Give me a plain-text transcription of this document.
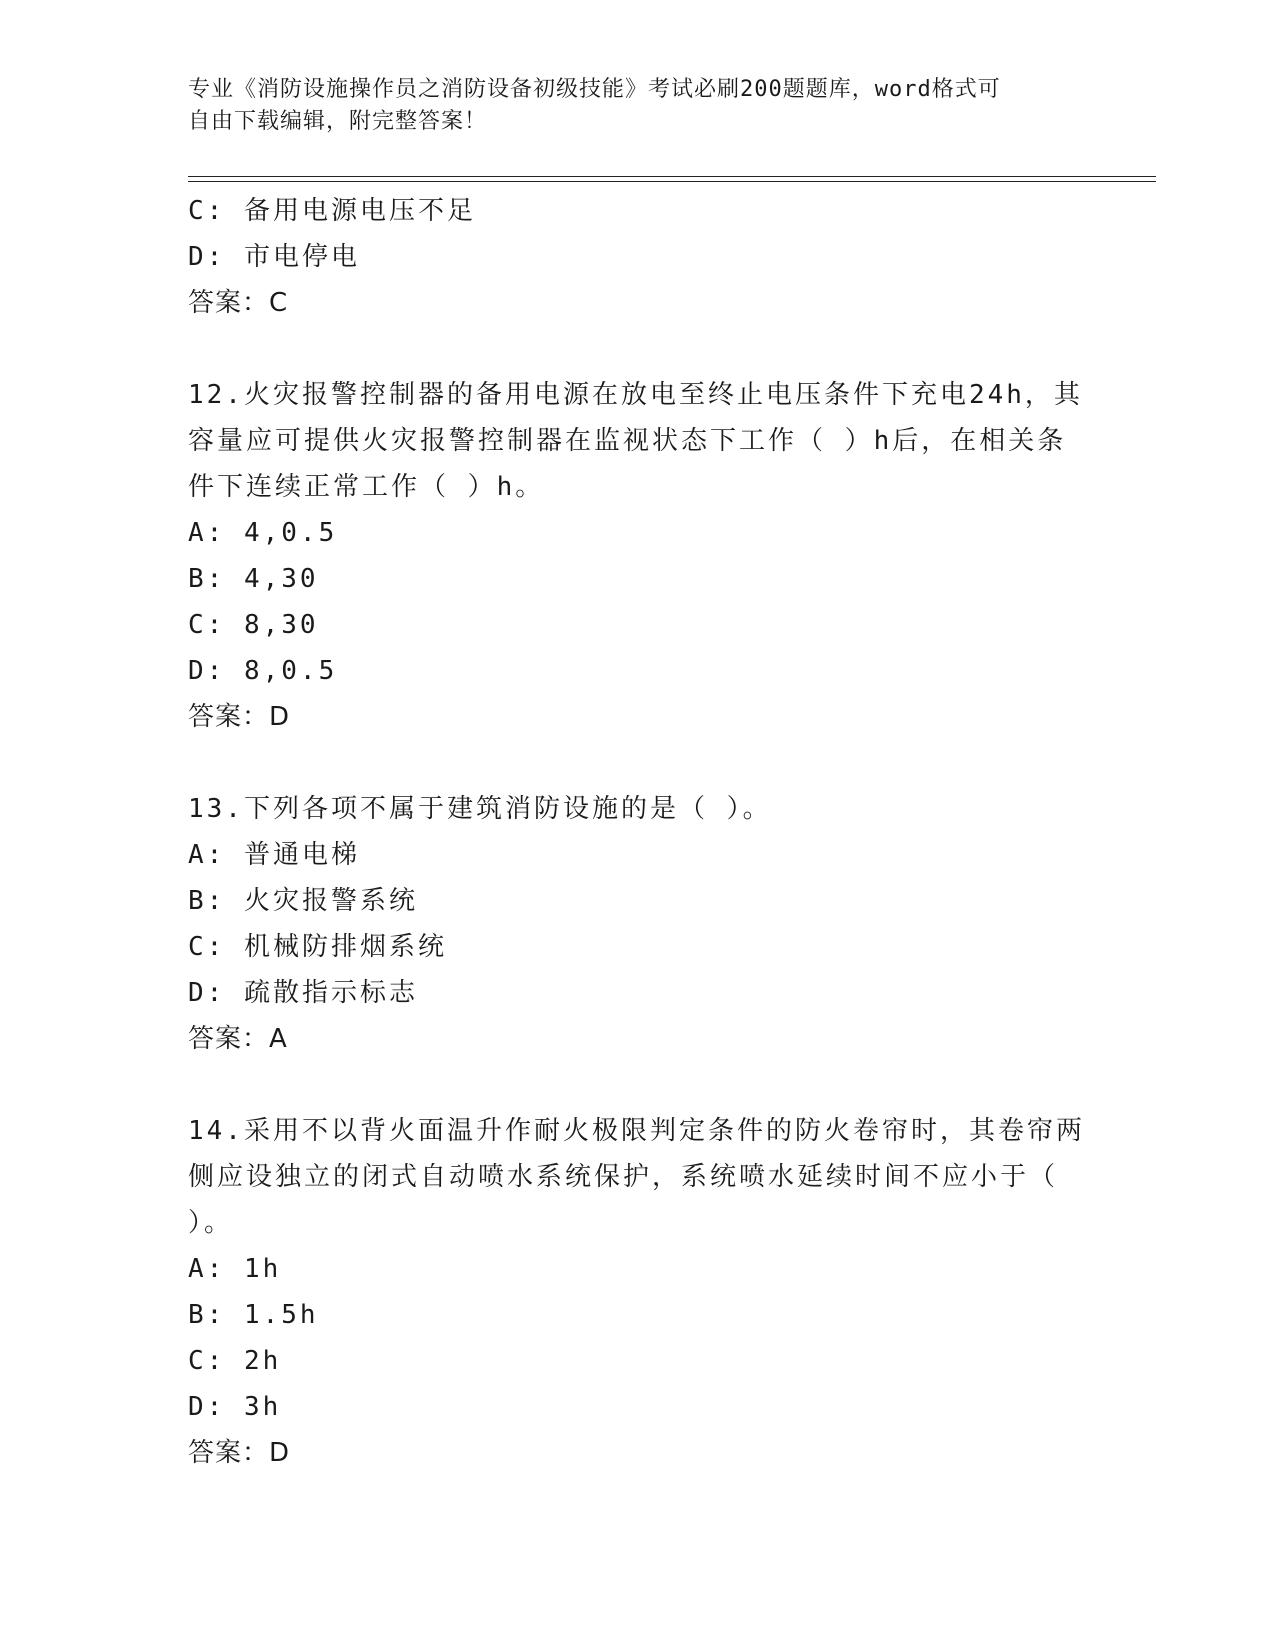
专业《消防设施操作员之消防设备初级技能》考试必刷200题题库，word格式可
自由下载编辑，附完整答案！
C: 备用电源电压不足
D: 市电停电
答案：C
12.火灾报警控制器的备用电源在放电至终止电压条件下充电24h，其
容量应可提供火灾报警控制器在监视状态下工作（ ）h后，在相关条
件下连续正常工作（ ）h。
A: 4,0.5
B: 4,30
C: 8,30
D: 8,0.5
答案：D
13.下列各项不属于建筑消防设施的是（ ）。
A: 普通电梯
B: 火灾报警系统
C: 机械防排烟系统
D: 疏散指示标志
答案：A
14.采用不以背火面温升作耐火极限判定条件的防火卷帘时，其卷帘两
侧应设独立的闭式自动喷水系统保护，系统喷水延续时间不应小于（
）。
A: 1h
B: 1.5h
C: 2h
D: 3h
答案：D
